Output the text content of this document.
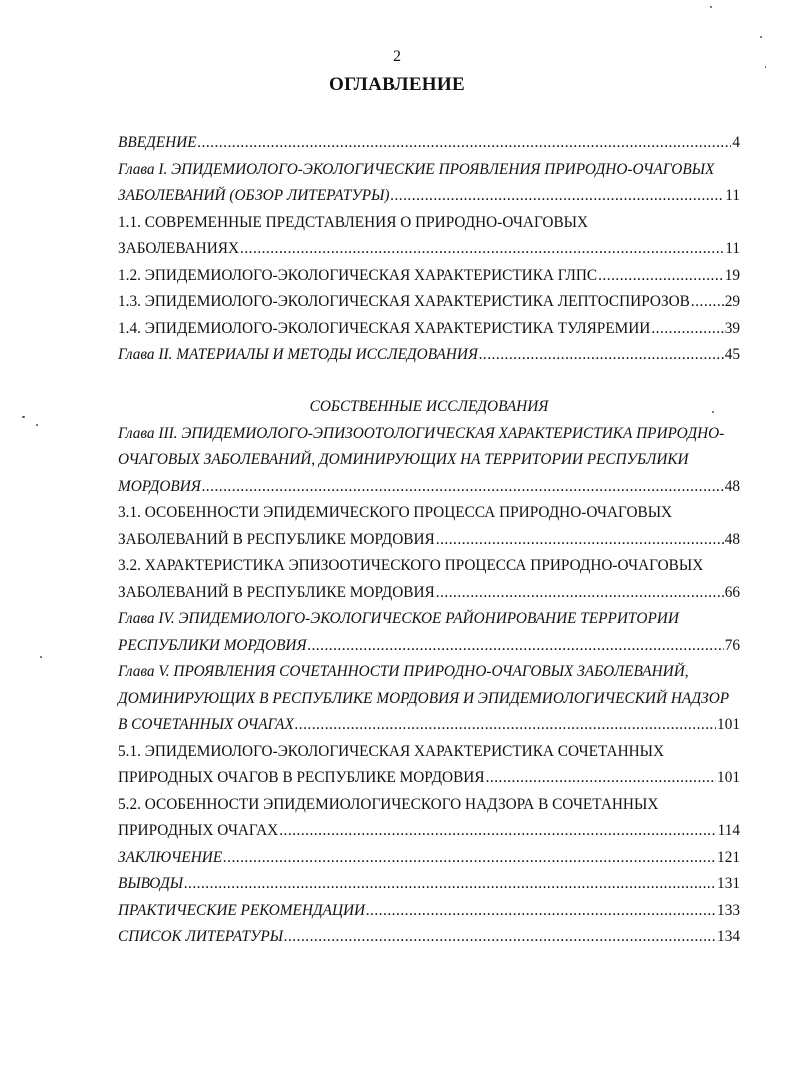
2
ОГЛАВЛЕНИЕ
ВВЕДЕНИЕ .....	4
Глава I. ЭПИДЕМИОЛОГО-ЭКОЛОГИЧЕСКИЕ ПРОЯВЛЕНИЯ ПРИРОДНО-ОЧАГОВЫХ
ЗАБОЛЕВАНИЙ (ОБЗОР ЛИТЕРАТУРЫ) .....	11
1.1. СОВРЕМЕННЫЕ ПРЕДСТАВЛЕНИЯ О ПРИРОДНО-ОЧАГОВЫХ
ЗАБОЛЕВАНИЯХ .....	11
1.2. ЭПИДЕМИОЛОГО-ЭКОЛОГИЧЕСКАЯ ХАРАКТЕРИСТИКА ГЛПС .....	19
1.3. ЭПИДЕМИОЛОГО-ЭКОЛОГИЧЕСКАЯ ХАРАКТЕРИСТИКА ЛЕПТОСПИРОЗОВ ..... 29
1.4. ЭПИДЕМИОЛОГО-ЭКОЛОГИЧЕСКАЯ ХАРАКТЕРИСТИКА ТУЛЯРЕМИИ .....	39
Глава II. МАТЕРИАЛЫ И МЕТОДЫ ИССЛЕДОВАНИЯ .....	45
СОБСТВЕННЫЕ ИССЛЕДОВАНИЯ
Глава III. ЭПИДЕМИОЛОГО-ЭПИЗООТОЛОГИЧЕСКАЯ ХАРАКТЕРИСТИКА ПРИРОДНО-
ОЧАГОВЫХ ЗАБОЛЕВАНИЙ, ДОМИНИРУЮЩИХ НА ТЕРРИТОРИИ РЕСПУБЛИКИ
МОРДОВИЯ .....	48
3.1. ОСОБЕННОСТИ ЭПИДЕМИЧЕСКОГО ПРОЦЕССА ПРИРОДНО-ОЧАГОВЫХ
ЗАБОЛЕВАНИЙ В РЕСПУБЛИКЕ МОРДОВИЯ .....	48
3.2. ХАРАКТЕРИСТИКА ЭПИЗООТИЧЕСКОГО ПРОЦЕССА ПРИРОДНО-ОЧАГОВЫХ
ЗАБОЛЕВАНИЙ В РЕСПУБЛИКЕ МОРДОВИЯ .....	66
Глава IV. ЭПИДЕМИОЛОГО-ЭКОЛОГИЧЕСКОЕ РАЙОНИРОВАНИЕ ТЕРРИТОРИИ
РЕСПУБЛИКИ МОРДОВИЯ .....	76
Глава V. ПРОЯВЛЕНИЯ СОЧЕТАННОСТИ ПРИРОДНО-ОЧАГОВЫХ ЗАБОЛЕВАНИЙ,
ДОМИНИРУЮЩИХ В РЕСПУБЛИКЕ МОРДОВИЯ И ЭПИДЕМИОЛОГИЧЕСКИЙ НАДЗОР
В СОЧЕТАННЫХ ОЧАГАХ .....	101
5.1. ЭПИДЕМИОЛОГО-ЭКОЛОГИЧЕСКАЯ ХАРАКТЕРИСТИКА СОЧЕТАННЫХ
ПРИРОДНЫХ ОЧАГОВ В РЕСПУБЛИКЕ МОРДОВИЯ .....	101
5.2. ОСОБЕННОСТИ ЭПИДЕМИОЛОГИЧЕСКОГО НАДЗОРА В СОЧЕТАННЫХ
ПРИРОДНЫХ ОЧАГАХ .....	114
ЗАКЛЮЧЕНИЕ .....	121
ВЫВОДЫ .....	131
ПРАКТИЧЕСКИЕ РЕКОМЕНДАЦИИ .....	133
СПИСОК ЛИТЕРАТУРЫ .....	134
